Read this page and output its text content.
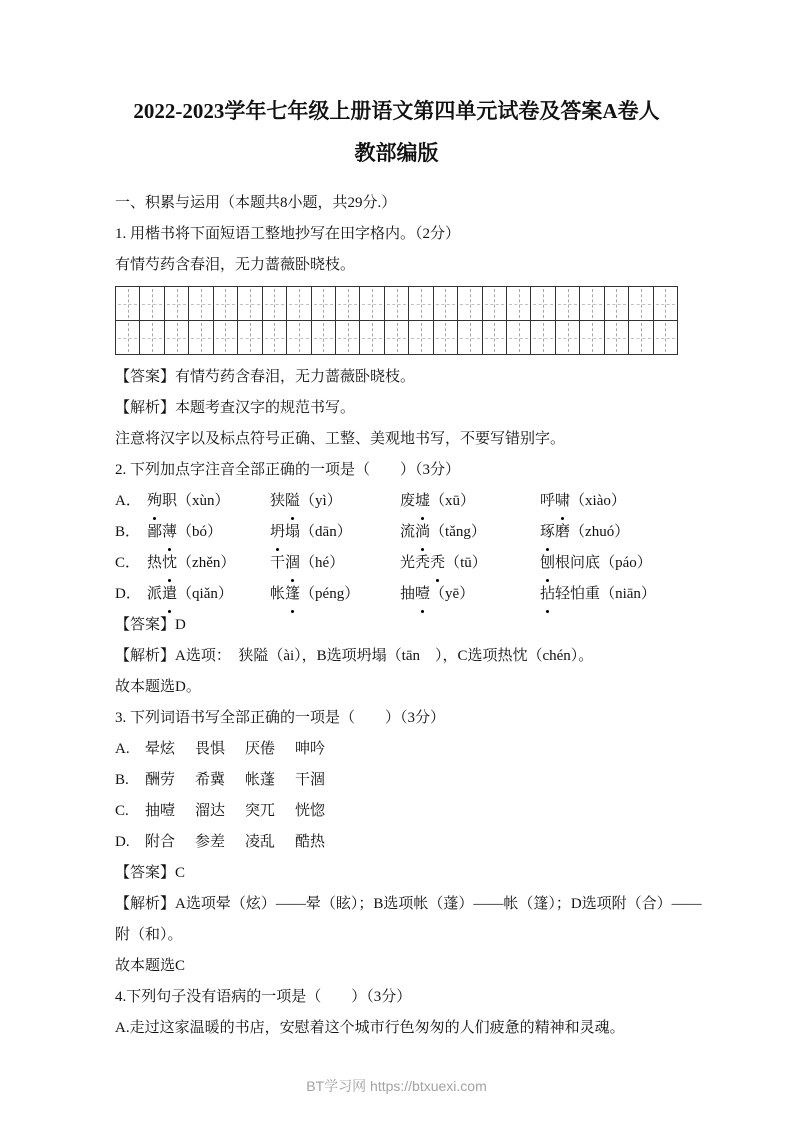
2022-2023学年七年级上册语文第四单元试卷及答案A卷人
教部编版

一、积累与运用（本题共8小题，共29分.）

1. 用楷书将下面短语工整地抄写在田字格内。（2分）

有情芍药含春泪，无力蔷薇卧晓枝。

【答案】有情芍药含春泪，无力蔷薇卧晓枝。

【解析】本题考查汉字的规范书写。

注意将汉字以及标点符号正确、工整、美观地书写，不要写错别字。

2. 下列加点字注音全部正确的一项是（　　）（3分）

A． 殉职（xùn）	狭隘（yì）	废墟（xū）	呼啸（xiào）
B． 鄙薄（bó）	坍塌（dān）	流淌（tǎng）	琢磨（zhuó）
C． 热忱（zhěn）	干涸（hé）	光秃秃（tū）	刨根问底（páo）
D． 派遣（qiǎn）	帐篷（péng）	抽噎（yē）	拈轻怕重（niān）

【答案】D

【解析】A选项：　狭隘（ài），B选项坍塌（tān　），C选项热忱（chén）。

故本题选D。

3. 下列词语书写全部正确的一项是（　　）（3分）

A.	晕炫	畏惧	厌倦	呻吟
B.	酬劳	希冀	帐蓬	干涸
C.	抽噎	溜达	突兀	恍惚
D.	附合	参差	凌乱	酷热

【答案】C

【解析】A选项晕（炫）——晕（眩）；B选项帐（蓬）——帐（篷）；D选项附（合）——

附（和）。

故本题选C

4.下列句子没有语病的一项是（　　）（3分）

A.走过这家温暖的书店，安慰着这个城市行色匆匆的人们疲惫的精神和灵魂。

BT学习网 https://btxuexi.com
